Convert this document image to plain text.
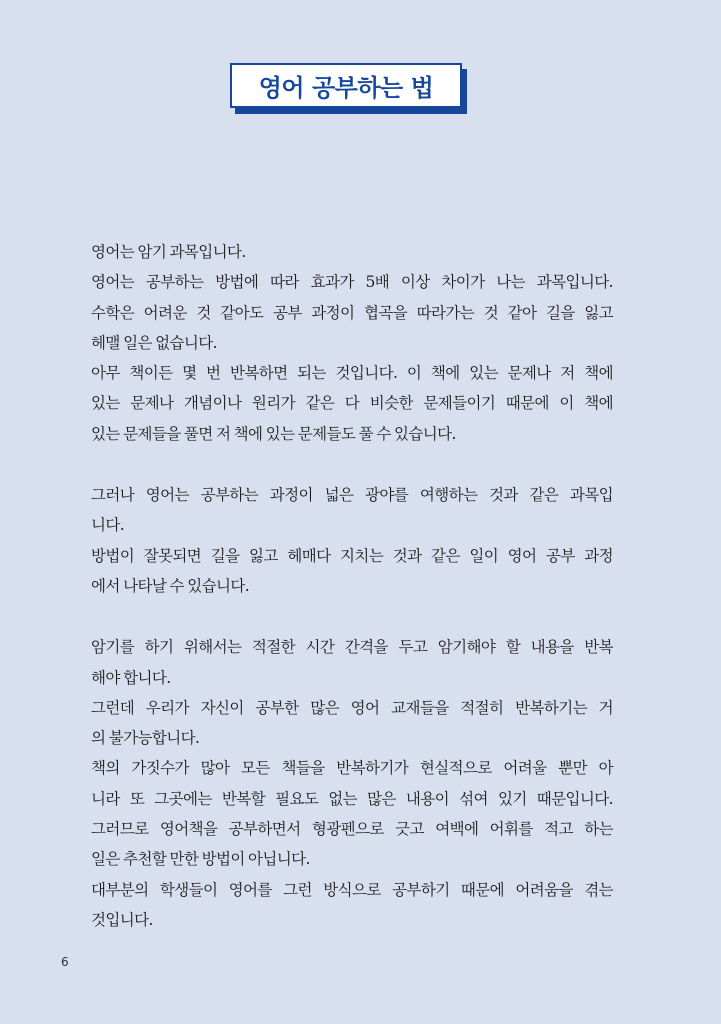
영어 공부하는 법
영어는 암기 과목입니다.
영어는 공부하는 방법에 따라 효과가 5배 이상 차이가 나는 과목입니다.
수학은 어려운 것 같아도 공부 과정이 협곡을 따라가는 것 같아 길을 잃고
헤맬 일은 없습니다.
아무 책이든 몇 번 반복하면 되는 것입니다. 이 책에 있는 문제나 저 책에
있는 문제나 개념이나 원리가 같은 다 비슷한 문제들이기 때문에 이 책에
있는 문제들을 풀면 저 책에 있는 문제들도 풀 수 있습니다.
그러나 영어는 공부하는 과정이 넓은 광야를 여행하는 것과 같은 과목입
니다.
방법이 잘못되면 길을 잃고 헤매다 지치는 것과 같은 일이 영어 공부 과정
에서 나타날 수 있습니다.
암기를 하기 위해서는 적절한 시간 간격을 두고 암기해야 할 내용을 반복
해야 합니다.
그런데 우리가 자신이 공부한 많은 영어 교재들을 적절히 반복하기는 거
의 불가능합니다.
책의 가짓수가 많아 모든 책들을 반복하기가 현실적으로 어려울 뿐만 아
니라 또 그곳에는 반복할 필요도 없는 많은 내용이 섞여 있기 때문입니다.
그러므로 영어책을 공부하면서 형광펜으로 긋고 여백에 어휘를 적고 하는
일은 추천할 만한 방법이 아닙니다.
대부분의 학생들이 영어를 그런 방식으로 공부하기 때문에 어려움을 겪는
것입니다.
6
